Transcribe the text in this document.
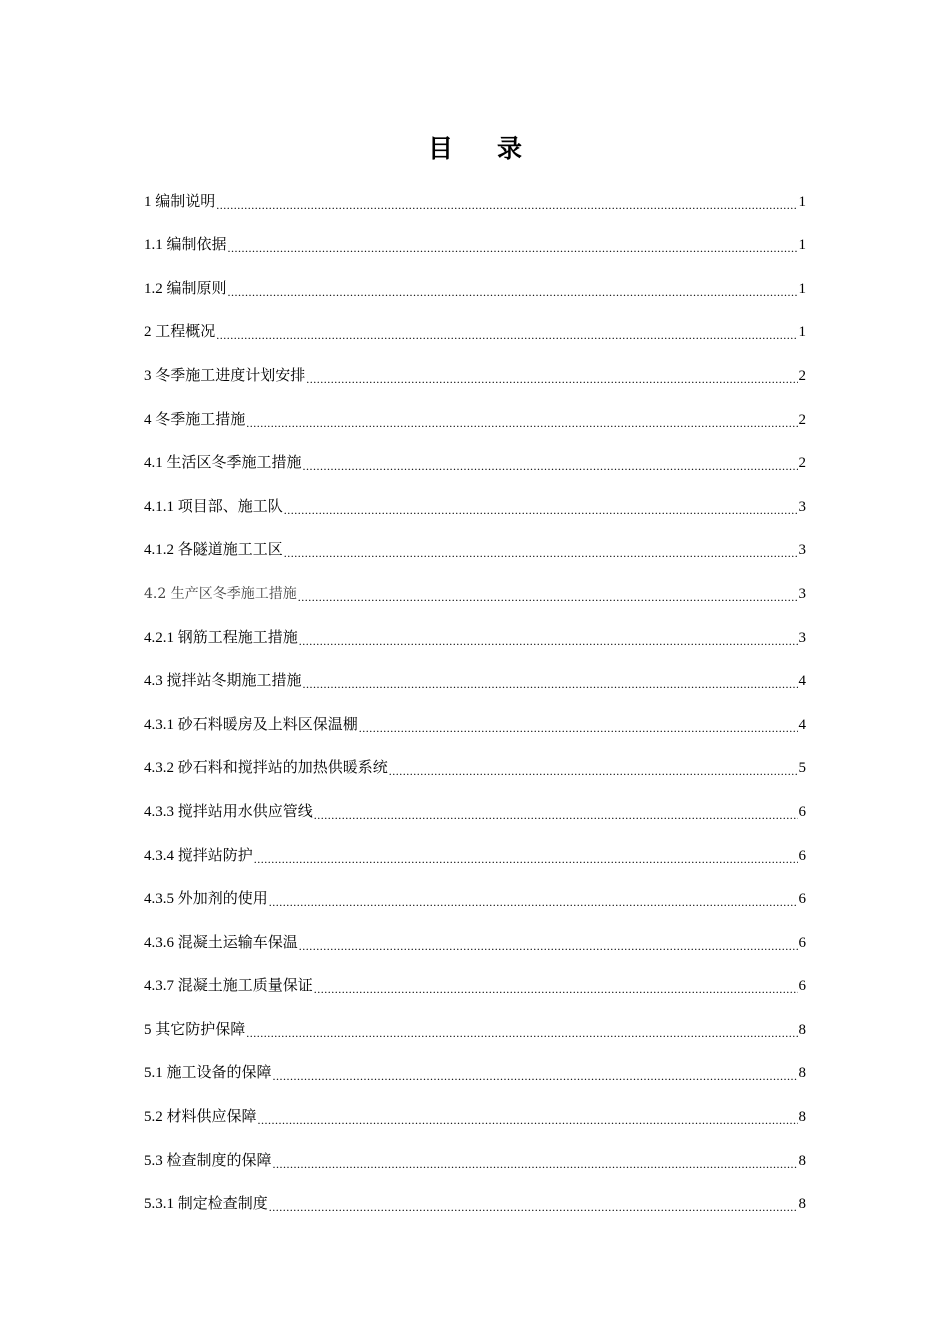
目 录
1 编制说明 .....	1
1.1 编制依据 .....	1
1.2 编制原则 .....	1
2 工程概况 .....	1
3 冬季施工进度计划安排 .....	2
4 冬季施工措施 .....	2
4.1 生活区冬季施工措施 .....	2
4.1.1 项目部、施工队 .....	3
4.1.2 各隧道施工工区 .....	3
4.2 生产区冬季施工措施 .....	3
4.2.1 钢筋工程施工措施 .....	3
4.3 搅拌站冬期施工措施 .....	4
4.3.1 砂石料暖房及上料区保温棚 .....	4
4.3.2 砂石料和搅拌站的加热供暖系统 .....	5
4.3.3 搅拌站用水供应管线 .....	6
4.3.4 搅拌站防护 .....	6
4.3.5 外加剂的使用 .....	6
4.3.6 混凝土运输车保温 .....	6
4.3.7 混凝土施工质量保证 .....	6
5 其它防护保障 .....	8
5.1 施工设备的保障 .....	8
5.2 材料供应保障 .....	8
5.3 检查制度的保障 .....	8
5.3.1 制定检查制度 .....	8
